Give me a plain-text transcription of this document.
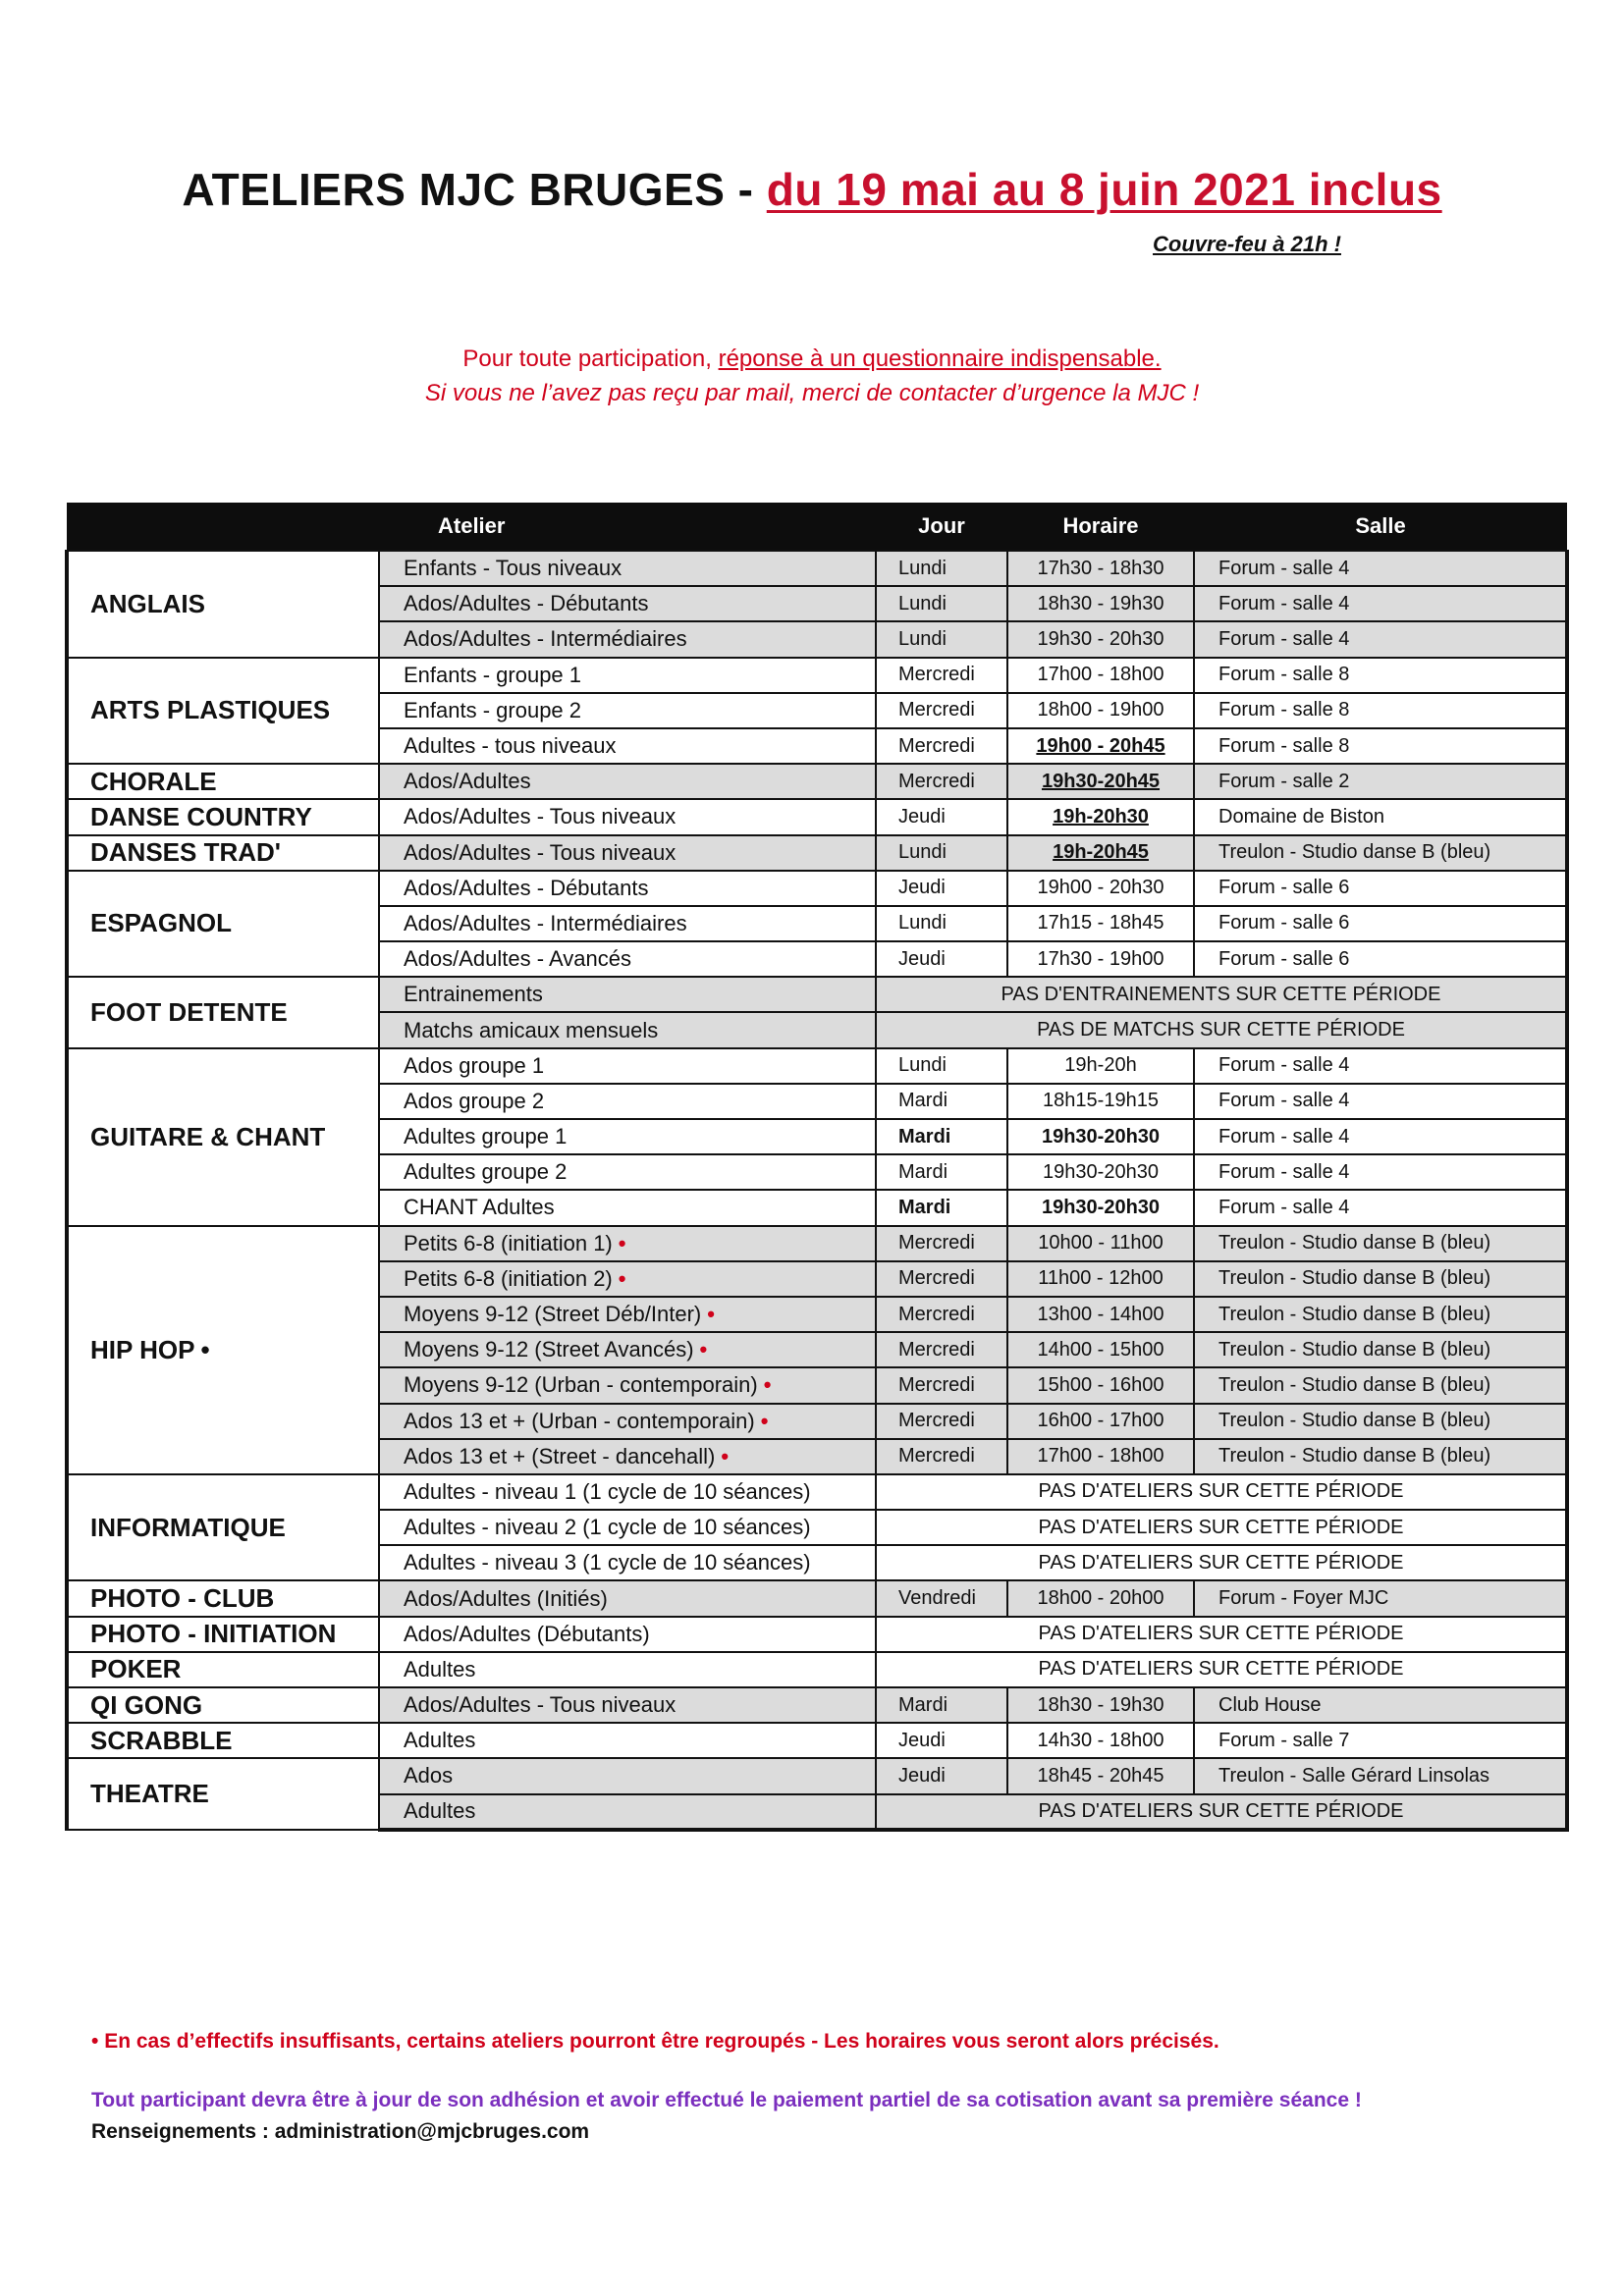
ATELIERS MJC BRUGES - du 19 mai au 8 juin 2021 inclus
Couvre-feu à 21h !
Pour toute participation, réponse à un questionnaire indispensable.
Si vous ne l’avez pas reçu par mail, merci de contacter d’urgence la MJC !
	Atelier	Jour	Horaire	Salle
ANGLAIS	Enfants - Tous niveaux	Lundi	17h30 - 18h30	Forum - salle 4
	Ados/Adultes - Débutants	Lundi	18h30 - 19h30	Forum - salle 4
	Ados/Adultes - Intermédiaires	Lundi	19h30 - 20h30	Forum - salle 4
ARTS PLASTIQUES	Enfants - groupe 1	Mercredi	17h00 - 18h00	Forum - salle 8
	Enfants - groupe 2	Mercredi	18h00 - 19h00	Forum - salle 8
	Adultes - tous niveaux	Mercredi	19h00 - 20h45	Forum - salle 8
CHORALE	Ados/Adultes	Mercredi	19h30-20h45	Forum - salle 2
DANSE COUNTRY	Ados/Adultes - Tous niveaux	Jeudi	19h-20h30	Domaine de Biston
DANSES TRAD'	Ados/Adultes - Tous niveaux	Lundi	19h-20h45	Treulon - Studio danse B (bleu)
ESPAGNOL	Ados/Adultes - Débutants	Jeudi	19h00 - 20h30	Forum - salle 6
	Ados/Adultes - Intermédiaires	Lundi	17h15 - 18h45	Forum - salle 6
	Ados/Adultes - Avancés	Jeudi	17h30 - 19h00	Forum - salle 6
FOOT DETENTE	Entrainements	PAS D'ENTRAINEMENTS SUR CETTE PÉRIODE		
	Matchs amicaux mensuels	PAS DE MATCHS SUR CETTE PÉRIODE		
GUITARE & CHANT	Ados groupe 1	Lundi	19h-20h	Forum - salle 4
	Ados groupe 2	Mardi	18h15-19h15	Forum - salle 4
	Adultes groupe 1	Mardi	19h30-20h30	Forum - salle 4
	Adultes groupe 2	Mardi	19h30-20h30	Forum - salle 4
	CHANT Adultes	Mardi	19h30-20h30	Forum - salle 4
HIP HOP •	Petits 6-8 (initiation 1) •	Mercredi	10h00 - 11h00	Treulon - Studio danse B (bleu)
	Petits 6-8 (initiation 2) •	Mercredi	11h00 - 12h00	Treulon - Studio danse B (bleu)
	Moyens 9-12 (Street Déb/Inter) •	Mercredi	13h00 - 14h00	Treulon - Studio danse B (bleu)
	Moyens 9-12 (Street Avancés) •	Mercredi	14h00 - 15h00	Treulon - Studio danse B (bleu)
	Moyens 9-12 (Urban - contemporain) •	Mercredi	15h00 - 16h00	Treulon - Studio danse B (bleu)
	Ados 13 et + (Urban - contemporain) •	Mercredi	16h00 - 17h00	Treulon - Studio danse B (bleu)
	Ados 13 et + (Street - dancehall) •	Mercredi	17h00 - 18h00	Treulon - Studio danse B (bleu)
INFORMATIQUE	Adultes - niveau 1 (1 cycle de 10 séances)	PAS D'ATELIERS SUR CETTE PÉRIODE		
	Adultes - niveau 2 (1 cycle de 10 séances)	PAS D'ATELIERS SUR CETTE PÉRIODE		
	Adultes - niveau 3 (1 cycle de 10 séances)	PAS D'ATELIERS SUR CETTE PÉRIODE		
PHOTO - CLUB	Ados/Adultes (Initiés)	Vendredi	18h00 - 20h00	Forum - Foyer MJC
PHOTO - INITIATION	Ados/Adultes (Débutants)	PAS D'ATELIERS SUR CETTE PÉRIODE		
POKER	Adultes	PAS D'ATELIERS SUR CETTE PÉRIODE		
QI GONG	Ados/Adultes - Tous niveaux	Mardi	18h30 - 19h30	Club House
SCRABBLE	Adultes	Jeudi	14h30 - 18h00	Forum - salle 7
THEATRE	Ados	Jeudi	18h45 - 20h45	Treulon - Salle Gérard Linsolas
	Adultes	PAS D'ATELIERS SUR CETTE PÉRIODE		
• En cas d’effectifs insuffisants, certains ateliers pourront être regroupés - Les horaires vous seront alors précisés.
Tout participant devra être à jour de son adhésion et avoir effectué le paiement partiel de sa cotisation avant sa première séance !
Renseignements : administration@mjcbruges.com
